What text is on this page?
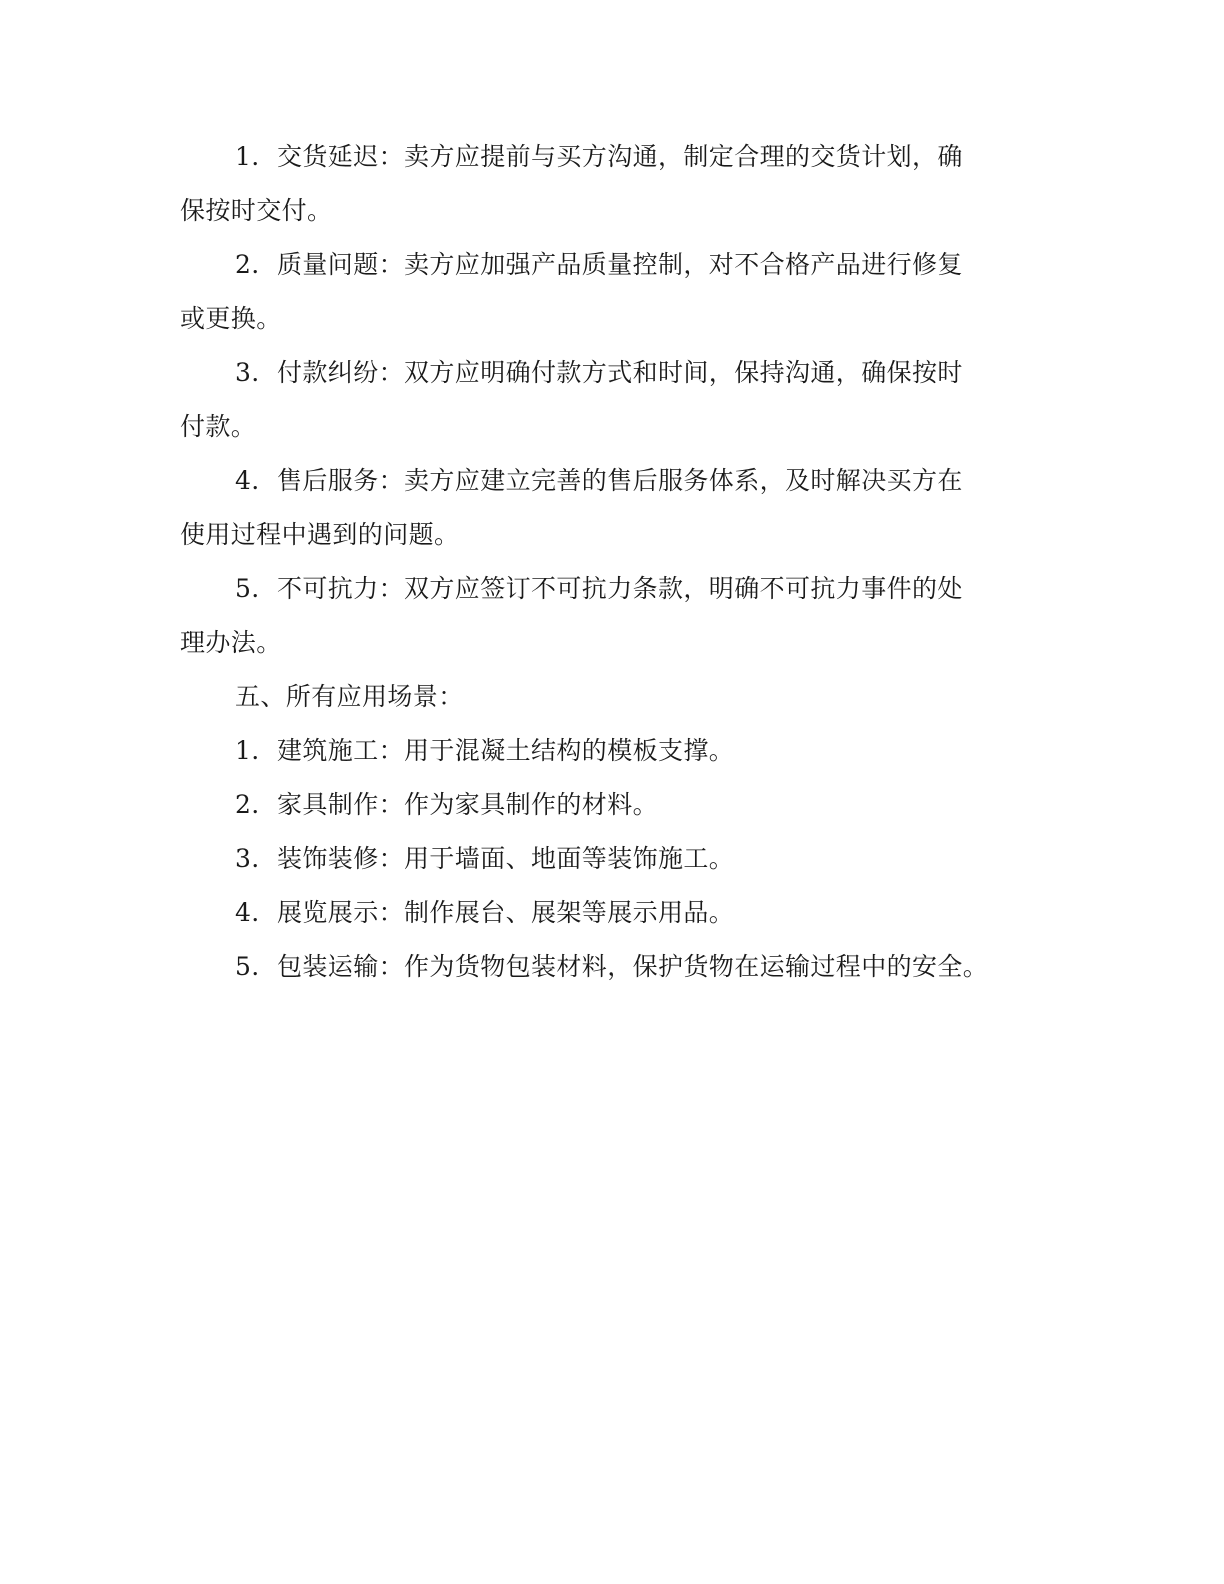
1. 交货延迟：卖方应提前与买方沟通，制定合理的交货计划，确
保按时交付。
2. 质量问题：卖方应加强产品质量控制，对不合格产品进行修复
或更换。
3. 付款纠纷：双方应明确付款方式和时间，保持沟通，确保按时
付款。
4. 售后服务：卖方应建立完善的售后服务体系，及时解决买方在
使用过程中遇到的问题。
5. 不可抗力：双方应签订不可抗力条款，明确不可抗力事件的处
理办法。
五、所有应用场景：
1. 建筑施工：用于混凝土结构的模板支撑。
2. 家具制作：作为家具制作的材料。
3. 装饰装修：用于墙面、地面等装饰施工。
4. 展览展示：制作展台、展架等展示用品。
5. 包装运输：作为货物包装材料，保护货物在运输过程中的安全。
